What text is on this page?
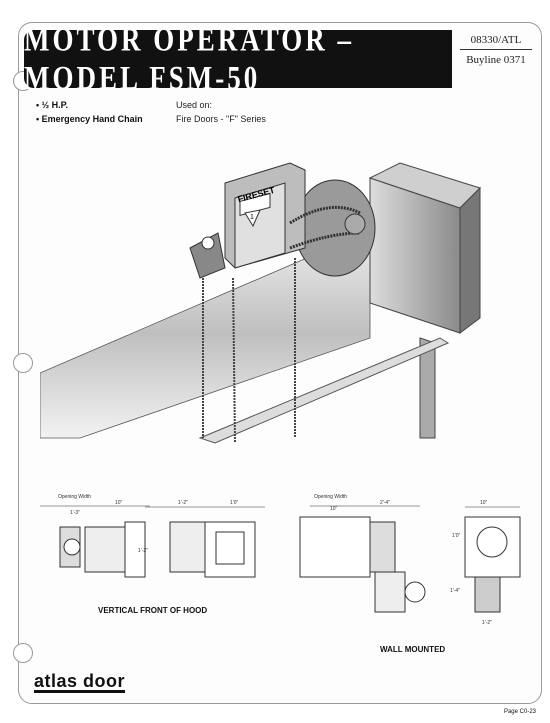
MOTOR OPERATOR – MODEL FSM-50
08330/ATL
Buyline 0371
• ½ H.P.
• Emergency Hand Chain
Used on:
Fire Doors - "F" Series
FIRESET
1
Opening Width
1'-3"
10"	1'-2"	1'0"
1'-2"
VERTICAL FRONT OF HOOD
Opening Width
10"
2'-4"	10"
1'0"
1'-4"
1'-2"
WALL MOUNTED
atlas door
Page C0-23
